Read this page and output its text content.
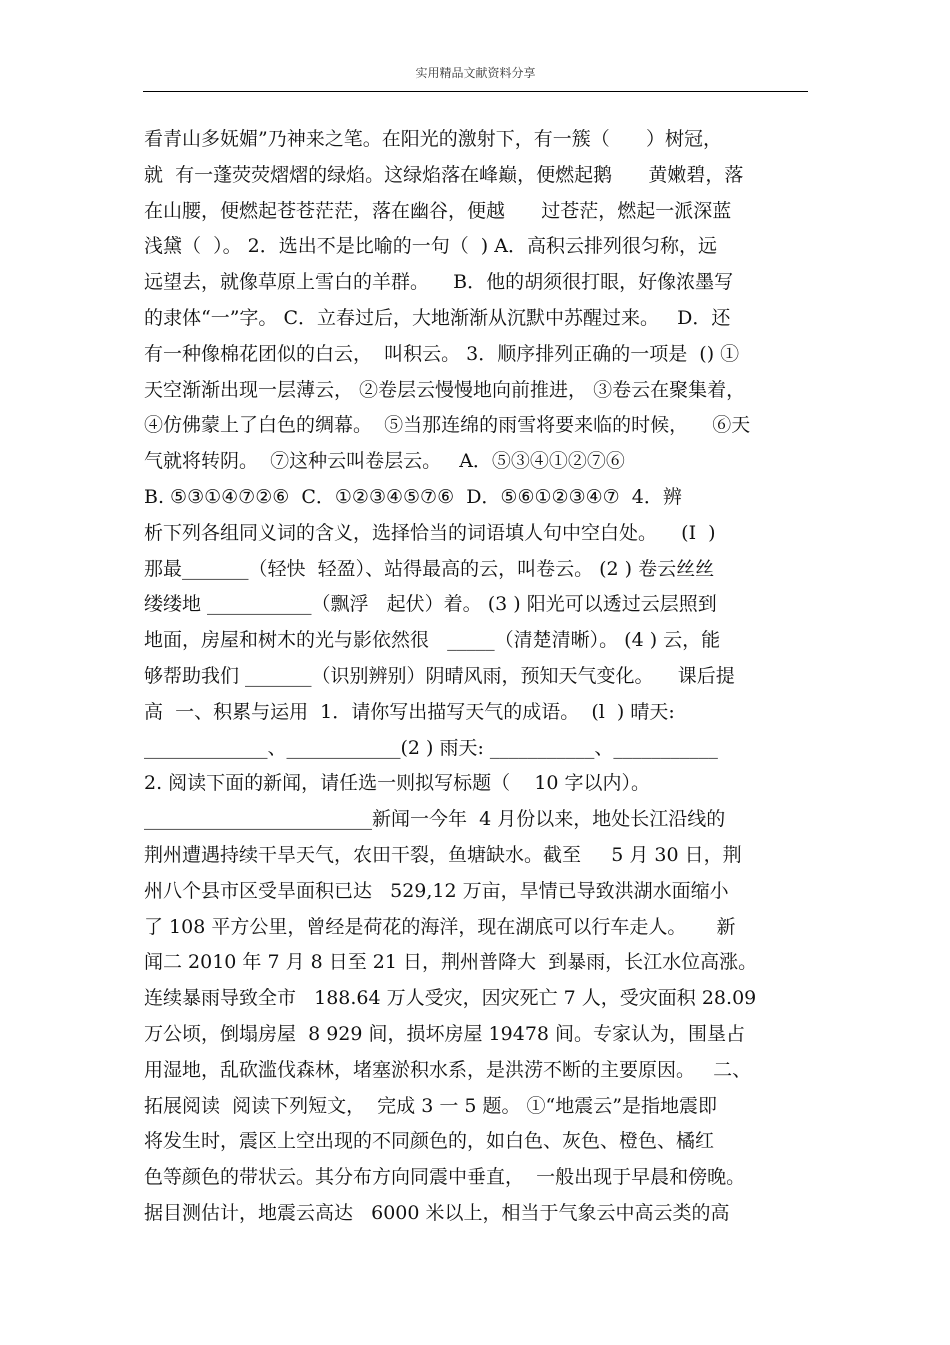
实用精品文献资料分享
看青山多妩媚”乃神来之笔。在阳光的激射下，有一簇（      ）树冠，
就  有一蓬荧荧熠熠的绿焰。这绿焰落在峰巅，便燃起鹅      黄嫩碧，落
在山腰，便燃起苍苍茫茫，落在幽谷，便越      过苍茫，燃起一派深蓝
浅黛（  ）。 2．选出不是比喻的一句（  ) A．高积云排列很匀称，远
远望去，就像草原上雪白的羊群。    B．他的胡须很打眼，好像浓墨写
的隶体“一”字。 C．立春过后，大地渐渐从沉默中苏醒过来。   D．还
有一种像棉花团似的白云，  叫积云。 3．顺序排列正确的一项是  () ①
天空渐渐出现一层薄云， ②卷层云慢慢地向前推进， ③卷云在聚集着，
④仿佛蒙上了白色的绸幕。  ⑤当那连绵的雨雪将要来临的时候，    ⑥天
气就将转阴。  ⑦这种云叫卷层云。   A．⑤③④①②⑦⑥
B. ⑤③①④⑦②⑥  C．①②③④⑤⑦⑥  D．⑤⑥①②③④⑦  4．辨
析下列各组同义词的含义，选择恰当的词语填人句中空白处。    (I  )
那最_______（轻快  轻盈）、站得最高的云，叫卷云。 (2 ) 卷云丝丝
缕缕地 ___________（飘浮   起伏）着。 (3 ) 阳光可以透过云层照到
地面，房屋和树木的光与影依然很   _____（清楚清晰）。 (4 ) 云，能
够帮助我们 _______（识别辨别）阴晴风雨，预知天气变化。    课后提
高  一、积累与运用  1．请你写出描写天气的成语。  (l  ) 晴天:
_____________、____________(2 ) 雨天: ___________、___________
2. 阅读下面的新闻，请任选一则拟写标题（    10 字以内）。
________________________新闻一今年  4 月份以来，地处长江沿线的
荆州遭遇持续干旱天气，农田干裂，鱼塘缺水。截至     5 月 30 日，荆
州八个县市区受旱面积已达   529,12 万亩，旱情已导致洪湖水面缩小
了 108 平方公里，曾经是荷花的海洋，现在湖底可以行车走人。     新
闻二 2010 年 7 月 8 日至 21 日，荆州普降大  到暴雨，长江水位高涨。
连续暴雨导致全市   188.64 万人受灾，因灾死亡 7 人，受灾面积 28.09
万公顷，倒塌房屋  8 929 间，损坏房屋 19478 间。专家认为，围垦占
用湿地，乱砍滥伐森林，堵塞淤积水系，是洪涝不断的主要原因。   二、
拓展阅读  阅读下列短文，  完成 3 一 5 题。 ①“地震云”是指地震即
将发生时，震区上空出现的不同颜色的，如白色、灰色、橙色、橘红
色等颜色的带状云。其分布方向同震中垂直，  一般出现于早晨和傍晚。
据目测估计，地震云高达   6000 米以上，相当于气象云中高云类的高
